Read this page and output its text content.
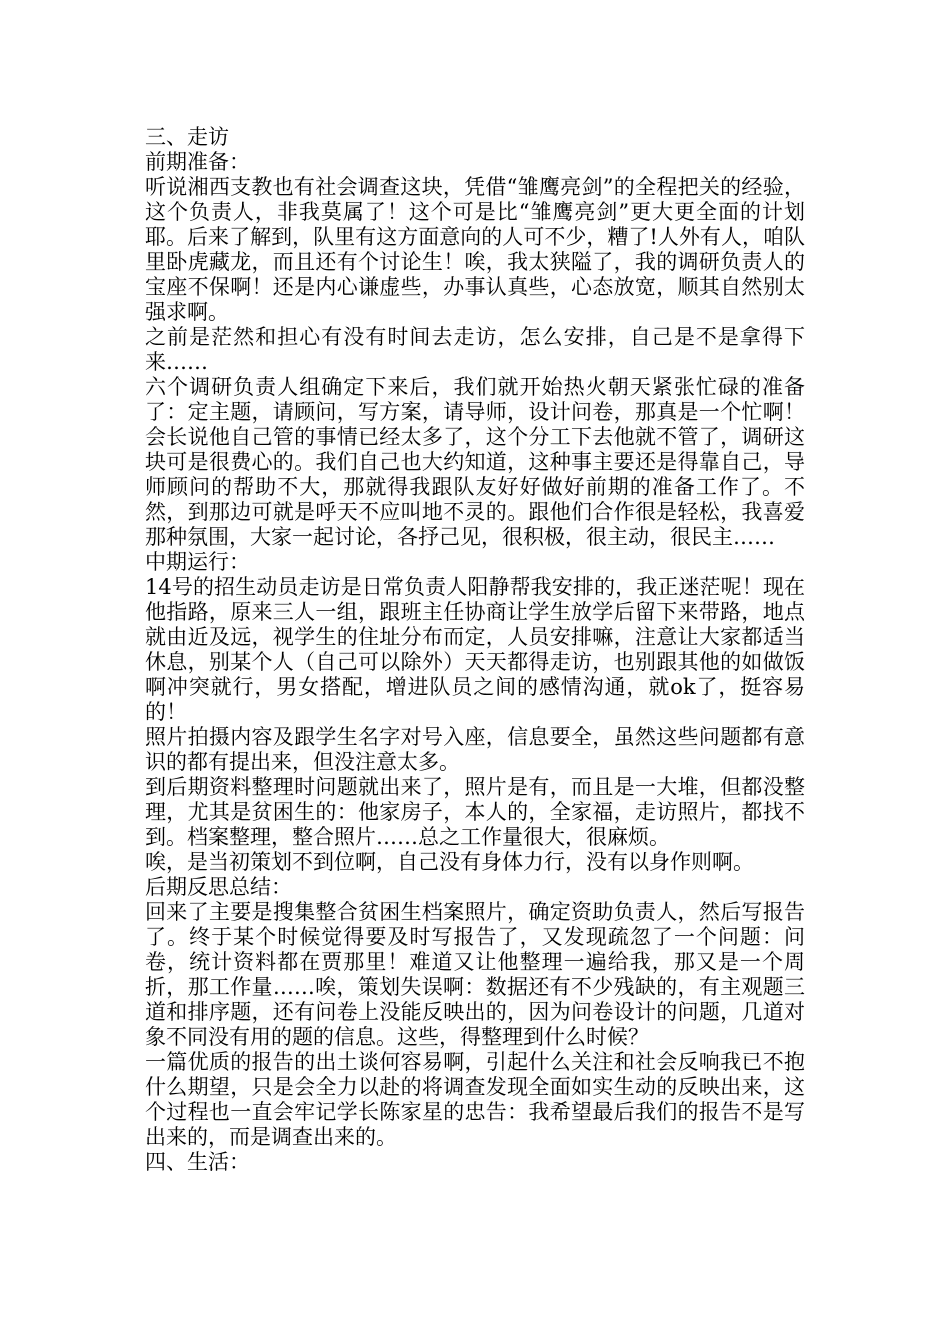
三、走访

前期准备：

听说湘西支教也有社会调查这块，凭借“雏鹰亮剑”的全程把关的经验，这个负责人，非我莫属了！这个可是比“雏鹰亮剑”更大更全面的计划耶。后来了解到，队里有这方面意向的人可不少，糟了!人外有人，咱队里卧虎藏龙，而且还有个讨论生！唉，我太狭隘了，我的调研负责人的宝座不保啊！还是内心谦虚些，办事认真些，心态放宽，顺其自然别太强求啊。

之前是茫然和担心有没有时间去走访，怎么安排，自己是不是拿得下来……

六个调研负责人组确定下来后，我们就开始热火朝天紧张忙碌的准备了：定主题，请顾问，写方案，请导师，设计问卷，那真是一个忙啊！会长说他自己管的事情已经太多了，这个分工下去他就不管了，调研这块可是很费心的。我们自己也大约知道，这种事主要还是得靠自己，导师顾问的帮助不大，那就得我跟队友好好做好前期的准备工作了。不然，到那边可就是呼天不应叫地不灵的。跟他们合作很是轻松，我喜爱那种氛围，大家一起讨论，各抒己见，很积极，很主动，很民主……

中期运行：

14号的招生动员走访是日常负责人阳静帮我安排的，我正迷茫呢！现在他指路，原来三人一组，跟班主任协商让学生放学后留下来带路，地点就由近及远，视学生的住址分布而定，人员安排嘛，注意让大家都适当休息，别某个人（自己可以除外）天天都得走访，也别跟其他的如做饭啊冲突就行，男女搭配，增进队员之间的感情沟通，就ok了，挺容易的！

照片拍摄内容及跟学生名字对号入座，信息要全，虽然这些问题都有意识的都有提出来，但没注意太多。

到后期资料整理时问题就出来了，照片是有，而且是一大堆，但都没整理，尤其是贫困生的：他家房子，本人的，全家福，走访照片，都找不到。档案整理，整合照片……总之工作量很大，很麻烦。

唉，是当初策划不到位啊，自己没有身体力行，没有以身作则啊。

后期反思总结：

回来了主要是搜集整合贫困生档案照片，确定资助负责人，然后写报告了。终于某个时候觉得要及时写报告了，又发现疏忽了一个问题：问卷，统计资料都在贾那里！难道又让他整理一遍给我，那又是一个周折，那工作量……唉，策划失误啊：数据还有不少残缺的，有主观题三道和排序题，还有问卷上没能反映出的，因为问卷设计的问题，几道对象不同没有用的题的信息。这些，得整理到什么时候？

一篇优质的报告的出土谈何容易啊，引起什么关注和社会反响我已不抱什么期望，只是会全力以赴的将调查发现全面如实生动的反映出来，这个过程也一直会牢记学长陈家星的忠告：我希望最后我们的报告不是写出来的，而是调查出来的。

四、生活：
